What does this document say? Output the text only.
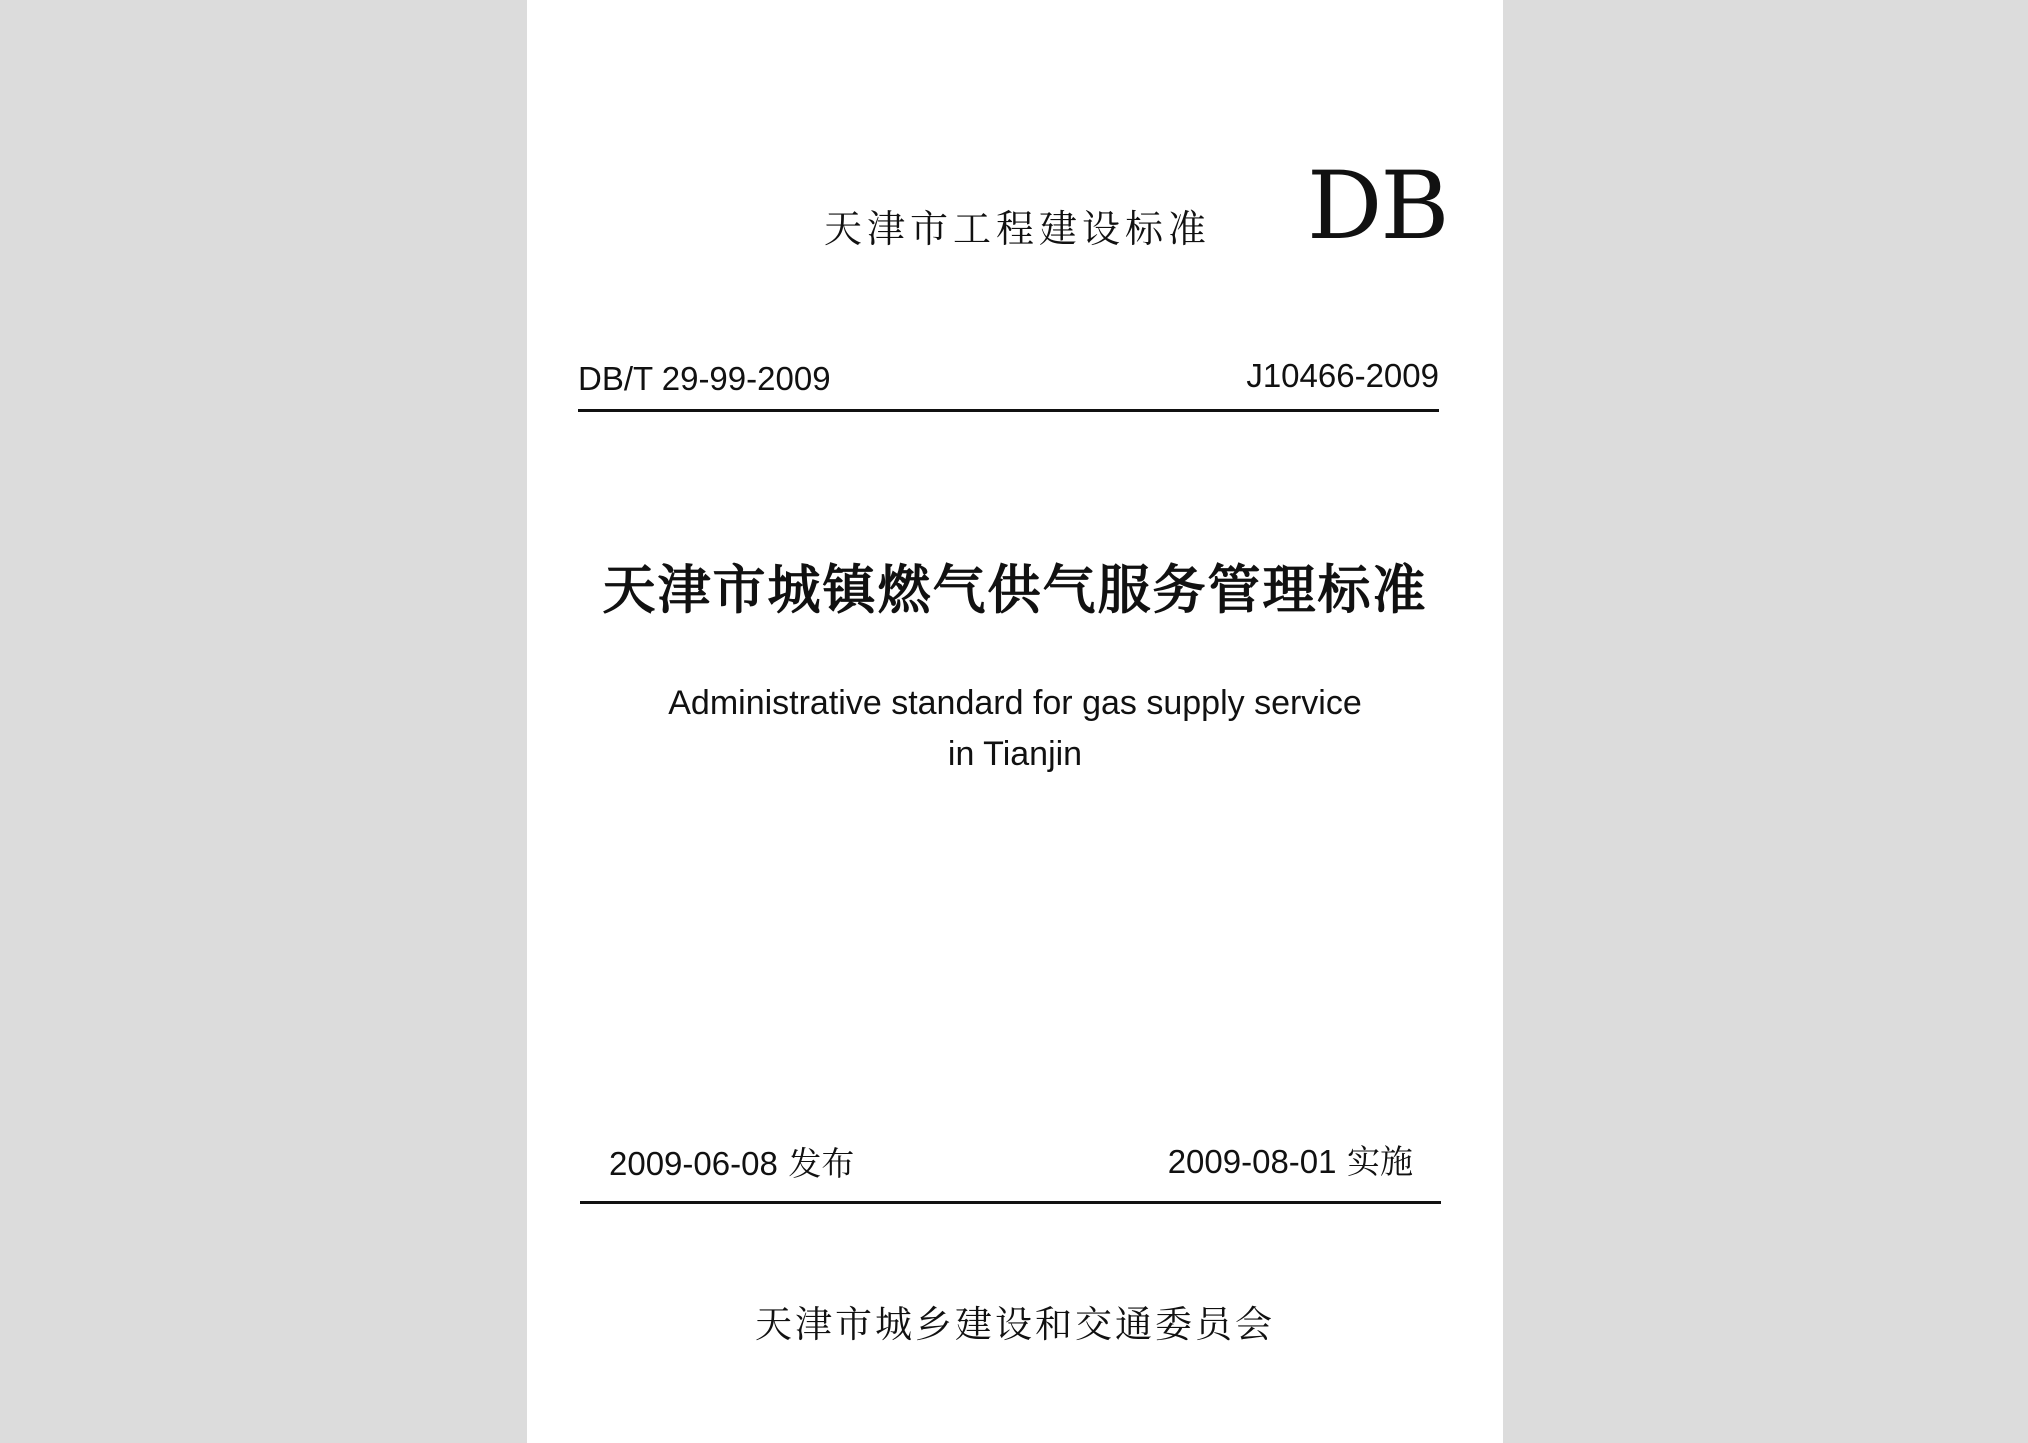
天津市工程建设标准 DB
DB/T 29-99-2009	J10466-2009
天津市城镇燃气供气服务管理标准
Administrative standard for gas supply service
in Tianjin
2009-06-08 发布	2009-08-01 实施
天津市城乡建设和交通委员会
